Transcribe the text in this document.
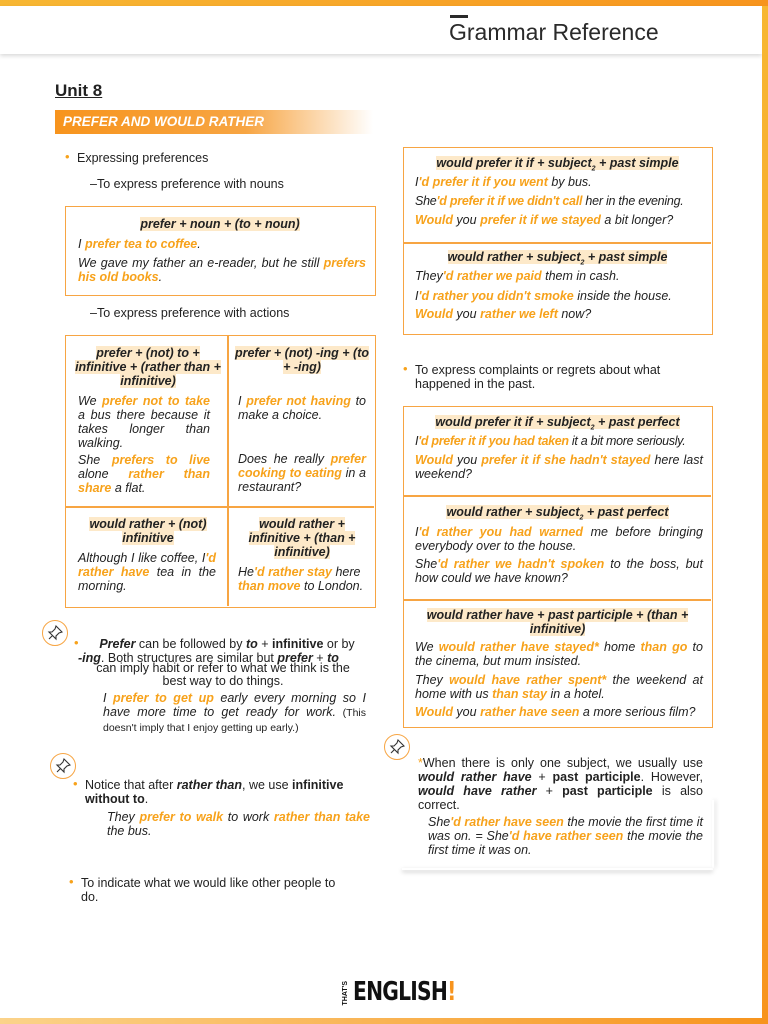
Grammar Reference
Unit 8
PREFER AND WOULD RATHER
• Expressing preferences
–To express preference with nouns
prefer + noun + (to + noun)
I prefer tea to coffee.
We gave my father an e-reader, but he still prefers his old books.
–To express preference with actions
prefer + (not) to + infinitive + (rather than + infinitive)
prefer + (not) -ing + (to + -ing)
We prefer not to take a bus there because it takes longer than walking.
She prefers to live alone rather than share a flat.
I prefer not having to make a choice.
Does he really prefer cooking to eating in a restaurant?
would rather + (not) infinitive
would rather + infinitive + (than + infinitive)
Although I like coffee, I'd rather have tea in the morning.
He'd rather stay here than move to London.
• Prefer can be followed by to + infinitive or by
-ing. Both structures are similar but prefer + to
can imply habit or refer to what we think is the
best way to do things.
I prefer to get up early every morning so I have more time to get ready for work. (This doesn't imply that I enjoy getting up early.)
• Notice that after rather than, we use infinitive
without to.
They prefer to walk to work rather than take the bus.
• To indicate what we would like other people to
do.
would prefer it if + subject$_2$ + past simple
I'd prefer it if you went by bus.
She'd prefer it if we didn't call her in the evening.
Would you prefer it if we stayed a bit longer?
would rather + subject$_2$ + past simple
They'd rather we paid them in cash.
I'd rather you didn't smoke inside the house.
Would you rather we left now?
• To express complaints or regrets about what happened in the past.
would prefer it if + subject$_2$ + past perfect
I'd prefer it if you had taken it a bit more seriously.
Would you prefer it if she hadn't stayed here last weekend?
would rather + subject$_2$ + past perfect
I'd rather you had warned me before bringing everybody over to the house.
She'd rather we hadn't spoken to the boss, but how could we have known?
would rather have + past participle + (than + infinitive)
We would rather have stayed* home than go to the cinema, but mum insisted.
They would have rather spent* the weekend at home with us than stay in a hotel.
Would you rather have seen a more serious film?
*When there is only one subject, we usually use would rather have + past participle. However, would have rather + past participle is also correct.
She'd rather have seen the movie the first time it was on. = She'd have rather seen the movie the first time it was on.
THAT'S ENGLISH!
